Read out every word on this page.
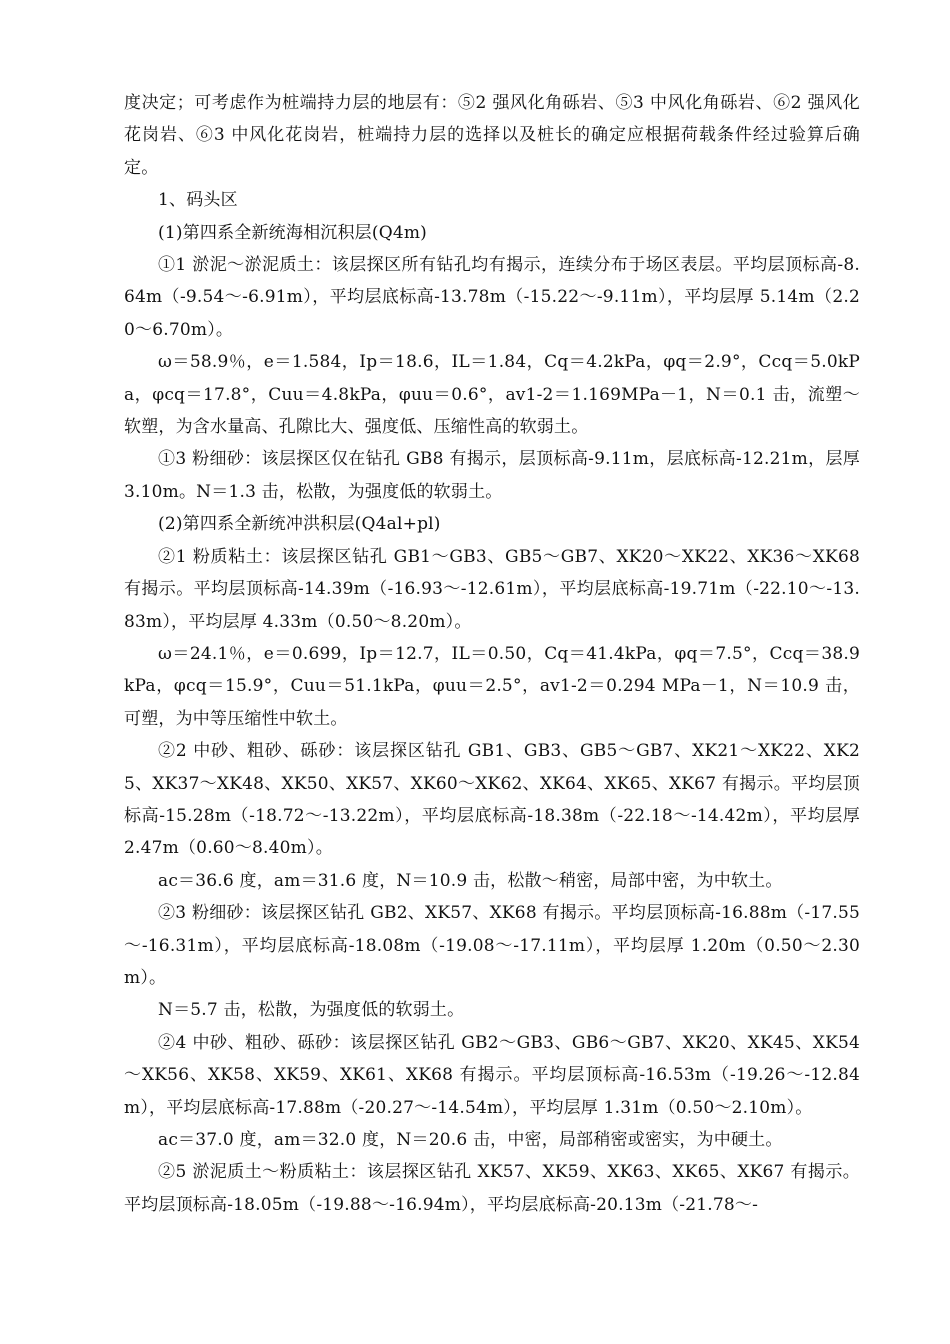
度决定；可考虑作为桩端持力层的地层有：⑤2 强风化角砾岩、⑤3 中风化角砾岩、⑥2 强风化花岗岩、⑥3 中风化花岗岩，桩端持力层的选择以及桩长的确定应根据荷载条件经过验算后确定。

1、码头区

(1)第四系全新统海相沉积层(Q4m)

①1 淤泥～淤泥质土：该层探区所有钻孔均有揭示，连续分布于场区表层。平均层顶标高-8.64m（-9.54～-6.91m），平均层底标高-13.78m（-15.22～-9.11m），平均层厚 5.14m（2.20～6.70m）。

ω＝58.9％，e＝1.584，Ip＝18.6，IL＝1.84，Cq＝4.2kPa，φq＝2.9°，Ccq＝5.0kPa，φcq＝17.8°，Cuu＝4.8kPa，φuu＝0.6°，av1-2＝1.169MPa－1，N＝0.1 击，流塑～软塑，为含水量高、孔隙比大、强度低、压缩性高的软弱土。

①3 粉细砂：该层探区仅在钻孔 GB8 有揭示，层顶标高-9.11m，层底标高-12.21m，层厚 3.10m。N＝1.3 击，松散，为强度低的软弱土。

(2)第四系全新统冲洪积层(Q4al+pl)

②1 粉质粘土：该层探区钻孔 GB1～GB3、GB5～GB7、XK20～XK22、XK36～XK68 有揭示。平均层顶标高-14.39m（-16.93～-12.61m），平均层底标高-19.71m（-22.10～-13.83m），平均层厚 4.33m（0.50～8.20m）。

ω＝24.1％，e＝0.699，Ip＝12.7，IL＝0.50，Cq＝41.4kPa，φq＝7.5°，Ccq＝38.9kPa，φcq＝15.9°，Cuu＝51.1kPa，φuu＝2.5°，av1-2＝0.294 MPa－1，N＝10.9 击，可塑，为中等压缩性中软土。

②2 中砂、粗砂、砾砂：该层探区钻孔 GB1、GB3、GB5～GB7、XK21～XK22、XK25、XK37～XK48、XK50、XK57、XK60～XK62、XK64、XK65、XK67 有揭示。平均层顶标高-15.28m（-18.72～-13.22m），平均层底标高-18.38m（-22.18～-14.42m），平均层厚 2.47m（0.60～8.40m）。

ac＝36.6 度，am＝31.6 度，N＝10.9 击，松散～稍密，局部中密，为中软土。

②3 粉细砂：该层探区钻孔 GB2、XK57、XK68 有揭示。平均层顶标高-16.88m（-17.55～-16.31m），平均层底标高-18.08m（-19.08～-17.11m），平均层厚 1.20m（0.50～2.30m）。

N＝5.7 击，松散，为强度低的软弱土。

②4 中砂、粗砂、砾砂：该层探区钻孔 GB2～GB3、GB6～GB7、XK20、XK45、XK54～XK56、XK58、XK59、XK61、XK68 有揭示。平均层顶标高-16.53m（-19.26～-12.84m），平均层底标高-17.88m（-20.27～-14.54m），平均层厚 1.31m（0.50～2.10m）。

ac＝37.0 度，am＝32.0 度，N＝20.6 击，中密，局部稍密或密实，为中硬土。

②5 淤泥质土～粉质粘土：该层探区钻孔 XK57、XK59、XK63、XK65、XK67 有揭示。平均层顶标高-18.05m（-19.88～-16.94m），平均层底标高-20.13m（-21.78～-
